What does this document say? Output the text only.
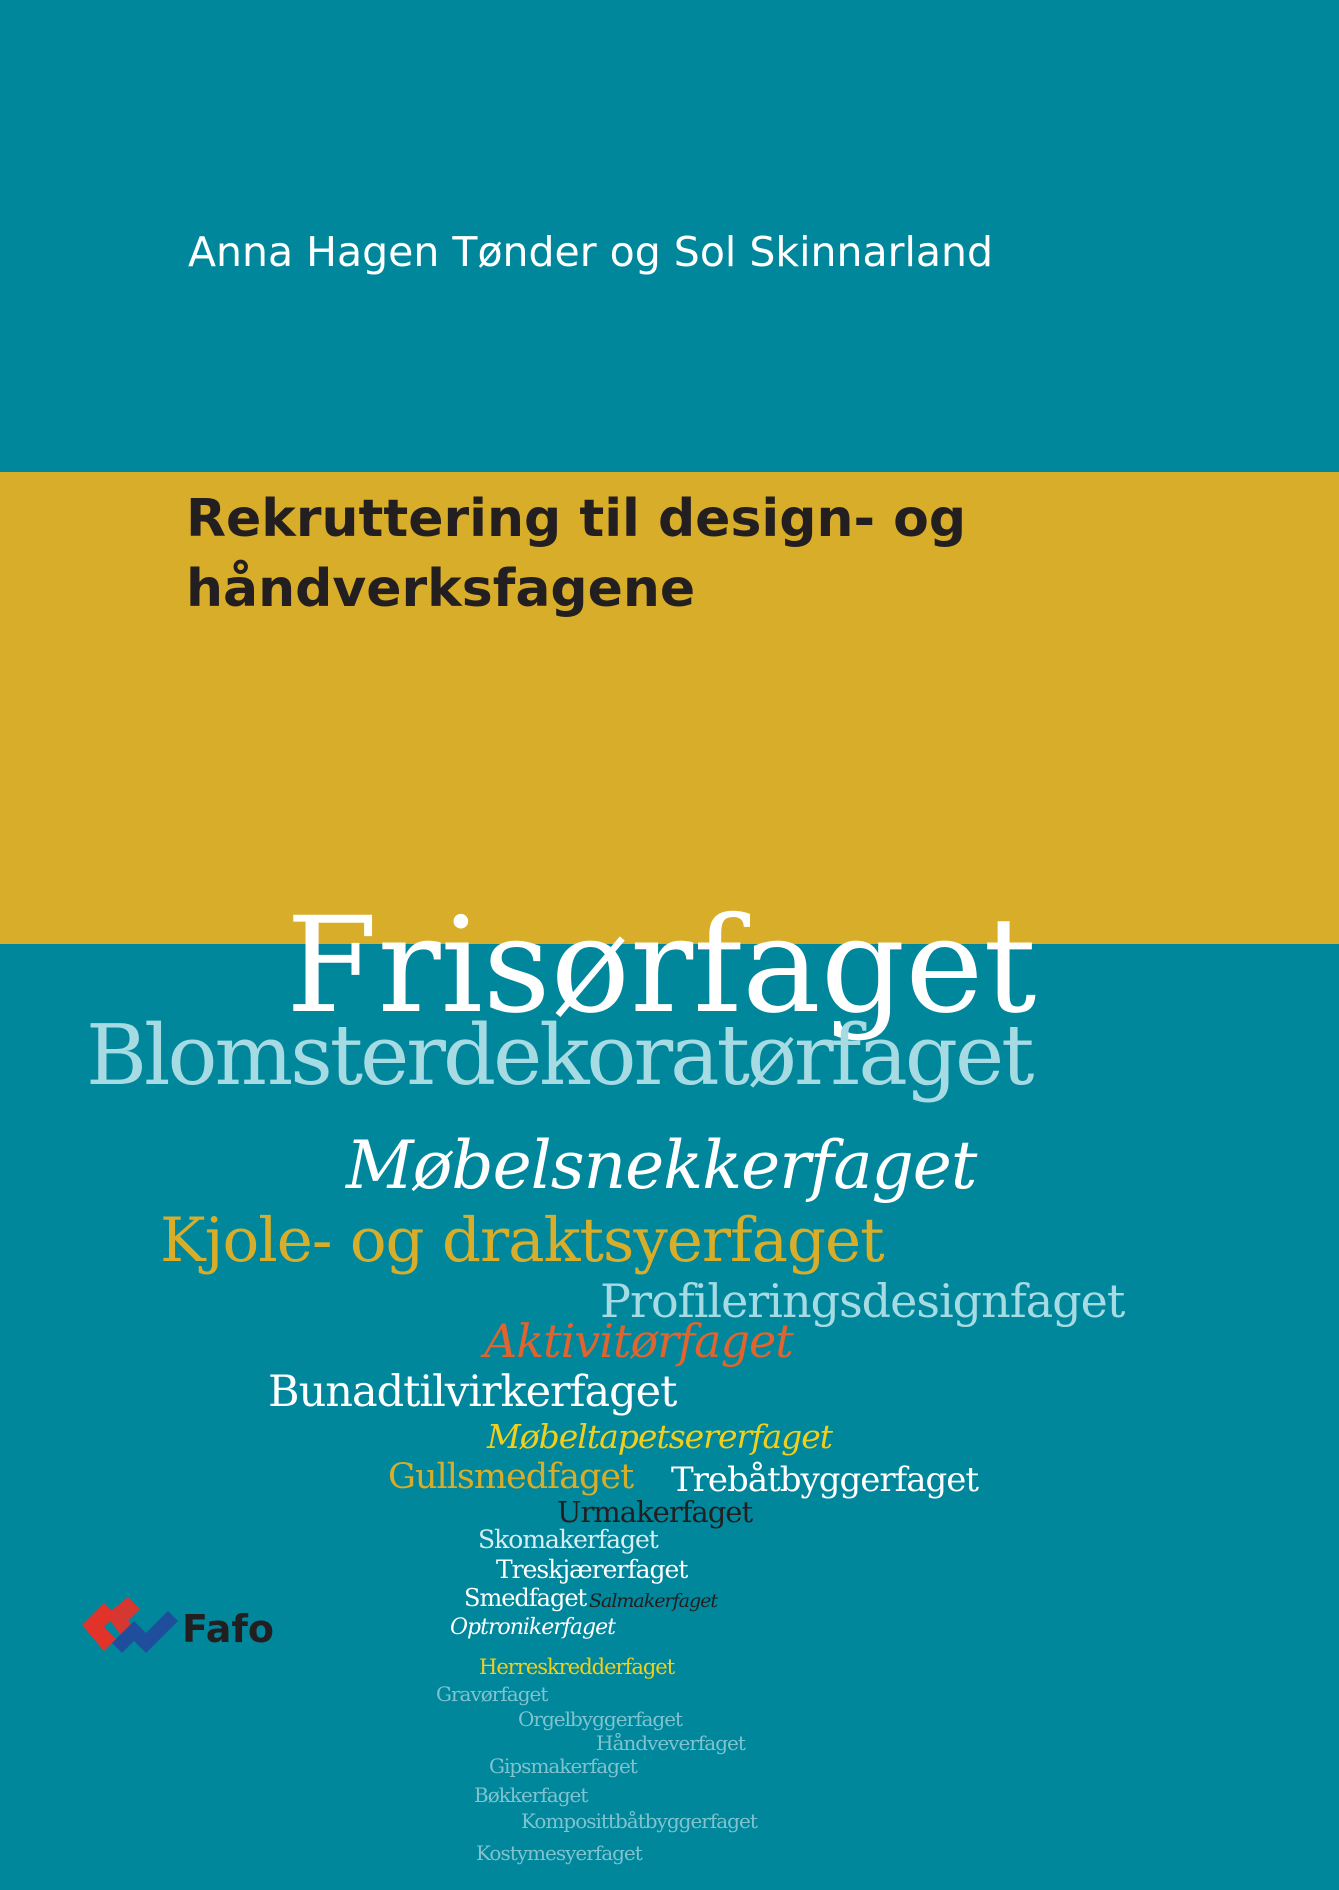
Anna Hagen Tønder og Sol Skinnarland

Rekruttering til design- og
håndverksfagene
Frisørfaget
Blomsterdekoratørfaget
Møbelsnekkerfaget
Kjole- og draktsyerfaget
Profileringsdesignfaget
Aktivitørfaget
Bunadtilvirkerfaget
Møbeltapetsererfaget
Gullsmedfaget Trebåtbyggerfaget
Urmakerfaget
Skomakerfaget
Treskjærerfaget
Smedfaget Salmakerfaget
Optronikerfaget
Herreskredderfaget
Gravørfaget
Orgelbyggerfaget
Håndveverfaget
Gipsmakerfaget
Bøkkerfaget
Komposittbåtbyggerfaget
Kostymesyerfaget
Fafo
